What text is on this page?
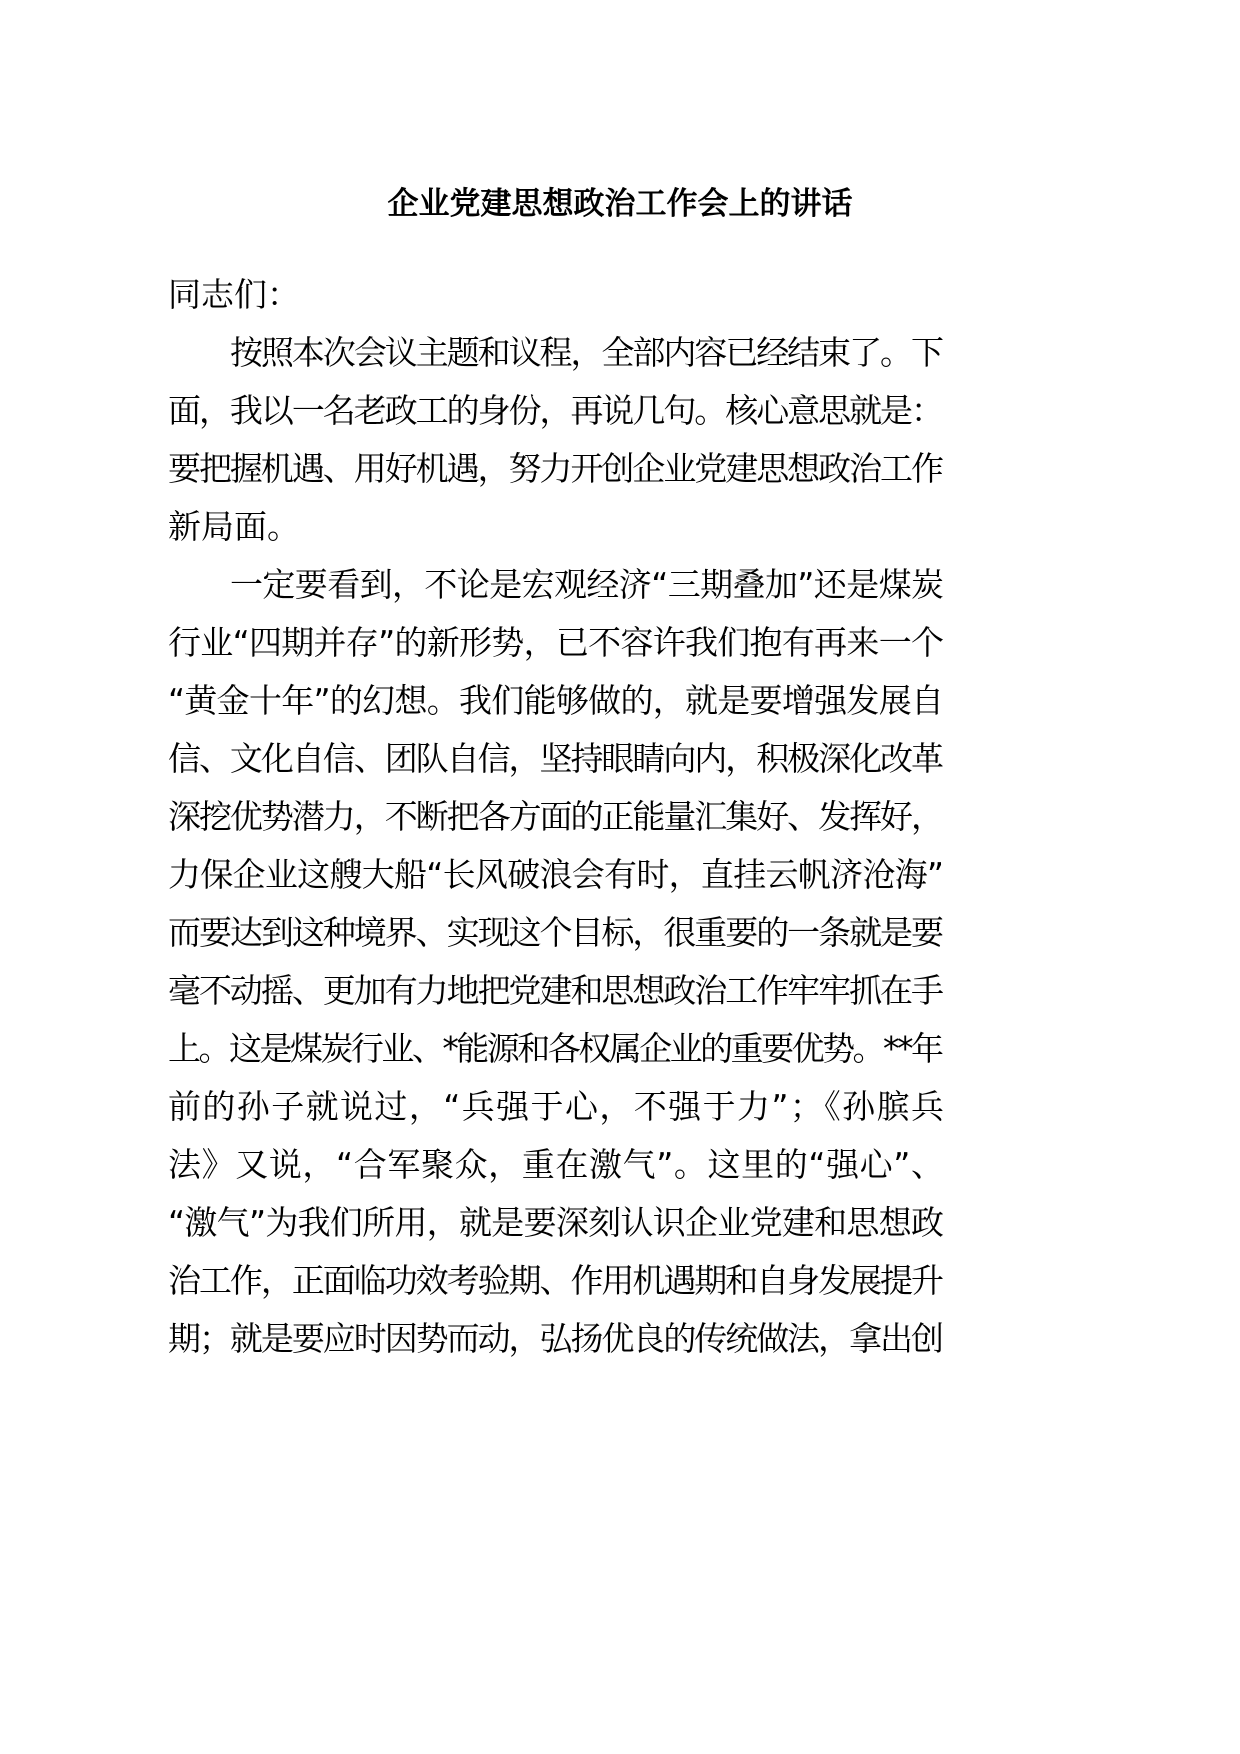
企业党建思想政治工作会上的讲话
同志们：
按照本次会议主题和议程，全部内容已经结束了。下
面，我以一名老政工的身份，再说几句。核心意思就是：
要把握机遇、用好机遇，努力开创企业党建思想政治工作
新局面。
一定要看到，不论是宏观经济“三期叠加”还是煤炭
行业“四期并存”的新形势，已不容许我们抱有再来一个
“黄金十年”的幻想。我们能够做的，就是要增强发展自
信、文化自信、团队自信，坚持眼睛向内，积极深化改革
深挖优势潜力，不断把各方面的正能量汇集好、发挥好，
力保企业这艘大船“长风破浪会有时，直挂云帆济沧海”
而要达到这种境界、实现这个目标，很重要的一条就是要
毫不动摇、更加有力地把党建和思想政治工作牢牢抓在手
上。这是煤炭行业、*能源和各权属企业的重要优势。**年
前的孙子就说过，“兵强于心，不强于力”；《孙膑兵
法》又说，“合军聚众，重在激气”。这里的“强心”、
“激气”为我们所用，就是要深刻认识企业党建和思想政
治工作，正面临功效考验期、作用机遇期和自身发展提升
期；就是要应时因势而动，弘扬优良的传统做法，拿出创
